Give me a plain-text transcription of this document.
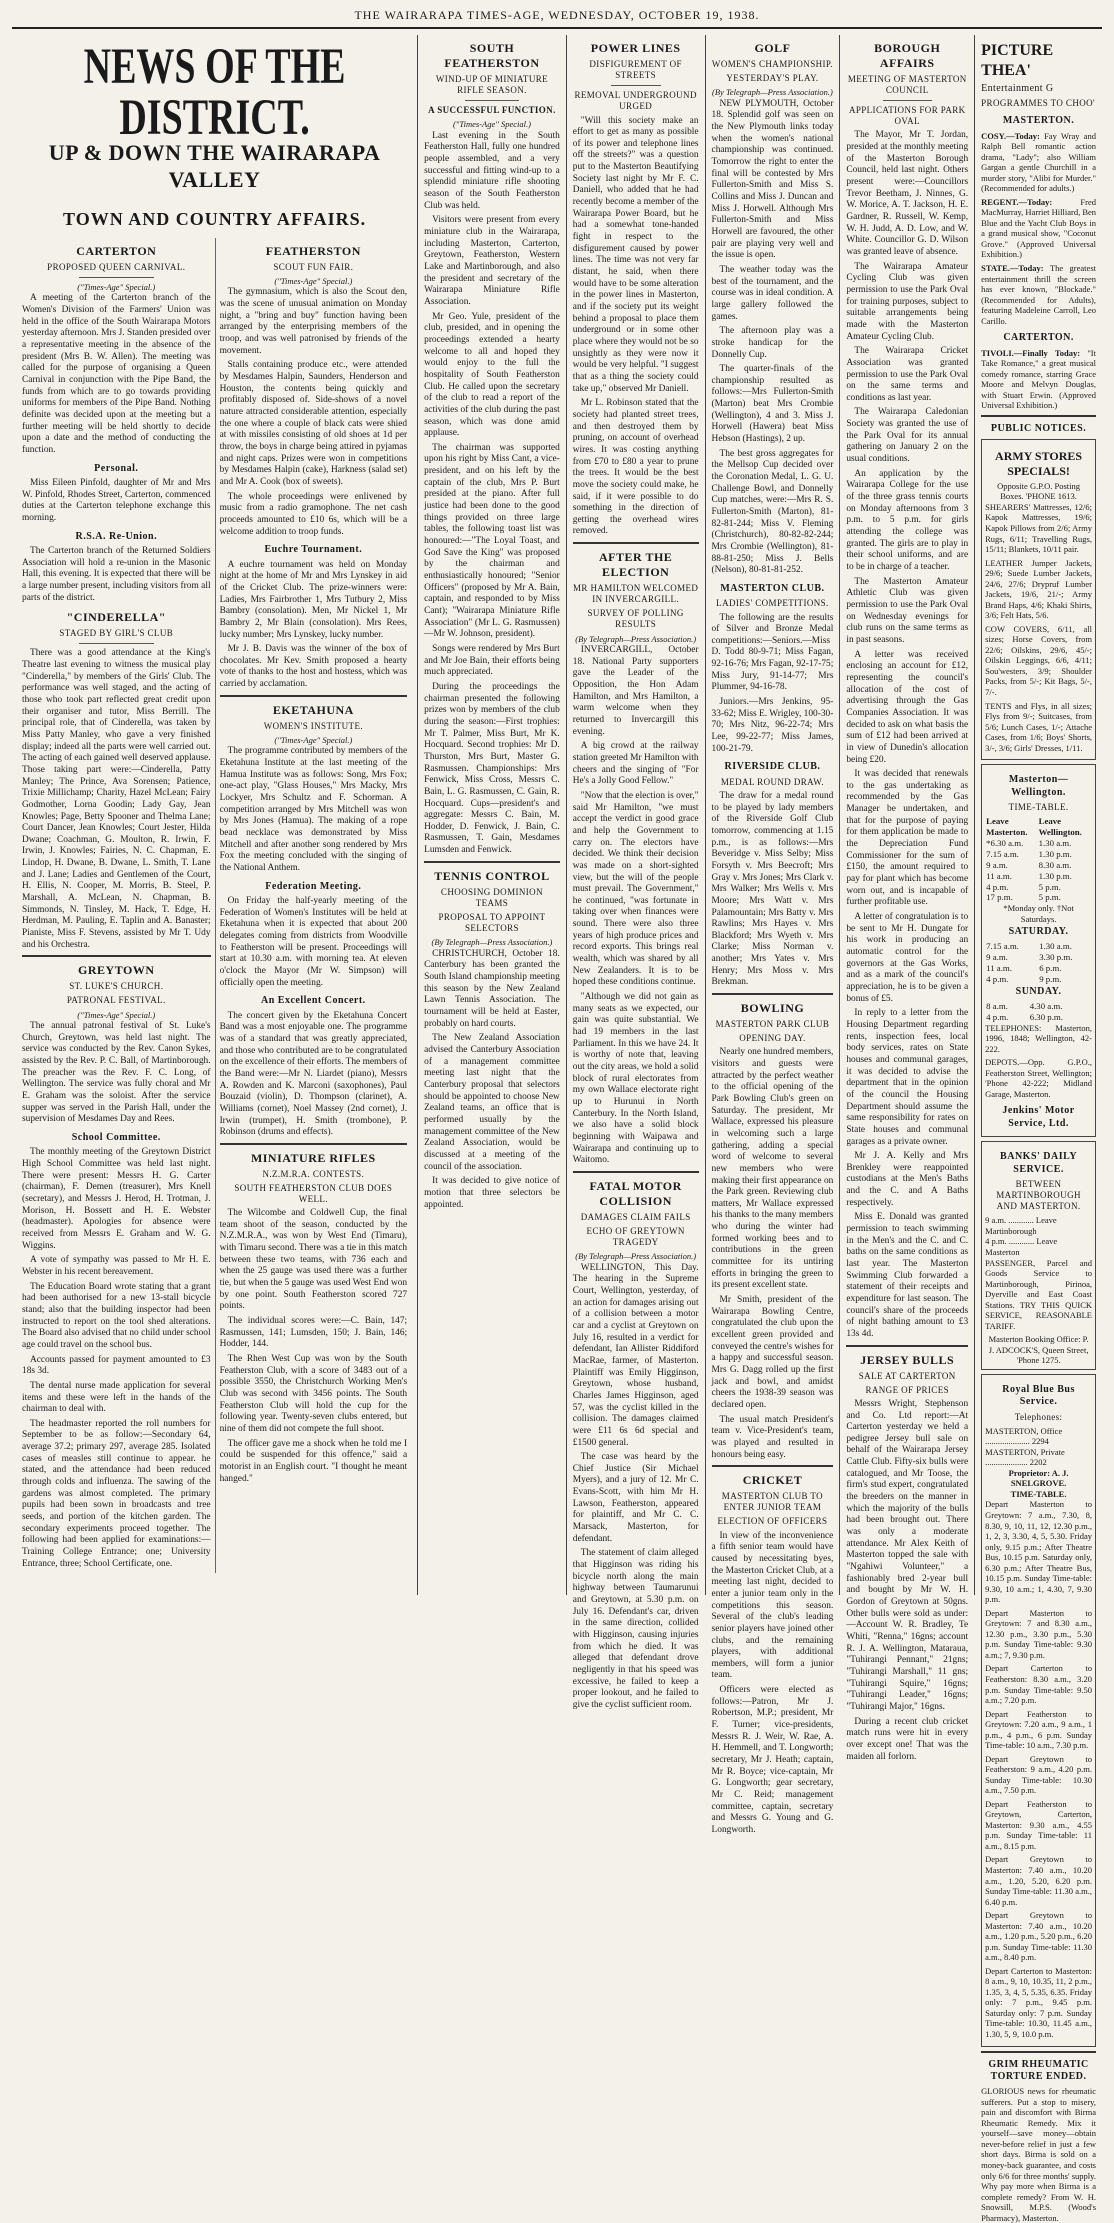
THE WAIRARAPA TIMES-AGE, WEDNESDAY, OCTOBER 19, 1938.
NEWS OF THE DISTRICT.
UP & DOWN THE WAIRARAPA VALLEY
TOWN AND COUNTRY AFFAIRS.
CARTERTON
PROPOSED QUEEN CARNIVAL.
("Times-Age" Special.)

A meeting of the Carterton branch of the Women's Division of the Farmers' Union was held in the office of the South Wairarapa Motors yesterday afternoon. Mrs J. Standen presided over a representative meeting in the absence of the president (Mrs B. W. Allen). The meeting was called for the purpose of organising a Queen Carnival in conjunction with the Pipe Band, the funds from which are to go towards providing uniforms for members of the Pipe Band. Nothing definite was decided upon at the meeting but a further meeting will be held shortly to decide upon a date and the method of conducting the function.

Personal.

Miss Eileen Pinfold, daughter of Mr and Mrs W. Pinfold, Rhodes Street, Carterton, commenced duties at the Carterton telephone exchange this morning.

R.S.A. Re-Union.

The Carterton branch of the Returned Soldiers Association will hold a re-union in the Masonic Hall, this evening. It is expected that there will be a large number present, including visitors from all parts of the district.

"CINDERELLA"
STAGED BY GIRL'S CLUB

There was a good attendance at the King's Theatre last evening to witness the musical play "Cinderella," by members of the Girls' Club. The performance was well staged, and the acting of those who took part reflected great credit upon their organiser and tutor, Miss Berrill. The principal role, that of Cinderella, was taken by Miss Patty Manley, who gave a very finished display; indeed all the parts were well carried out. The acting of each gained well deserved applause. Those taking part were:—Cinderella, Patty Manley; The Prince, Ava Sorensen; Patience, Trixie Millichamp; Charity, Hazel McLean; Fairy Godmother, Lorna Goodin; Lady Gay, Jean Knowles; Page, Betty Spooner and Thelma Lane; Court Dancer, Jean Knowles; Court Jester, Hilda Dwane; Coachman, G. Moulton, R. Irwin, F. Irwin, J. Knowles; Fairies, N. C. Chapman, E. Lindop, H. Dwane, B. Dwane, L. Smith, T. Lane and J. Lane; Ladies and Gentlemen of the Court, H. Ellis, N. Cooper, M. Morris, B. Steel, P. Marshall, A. McLean, N. Chapman, B. Simmonds, N. Tinsley, M. Hack, T. Edge, H. Herdman, M. Pauling, E. Taplin and A. Banaster; Pianiste, Miss F. Stevens, assisted by Mr T. Udy and his Orchestra.

GREYTOWN
ST. LUKE'S CHURCH.
PATRONAL FESTIVAL.
("Times-Age" Special.)

The annual patronal festival of St. Luke's Church, Greytown, was held last night. The service was conducted by the Rev. Canon Sykes, assisted by the Rev. P. C. Ball, of Martinborough. The preacher was the Rev. F. C. Long, of Wellington. The service was fully choral and Mr E. Graham was the soloist. After the service supper was served in the Parish Hall, under the supervision of Mesdames Day and Rees.

School Committee.

The monthly meeting of the Greytown District High School Committee was held last night. There were present: Messrs H. G. Carter (chairman), F. Demen (treasurer), Mrs Knell (secretary), and Messrs J. Herod, H. Trotman, J. Morison, H. Bossett and H. E. Webster (headmaster). Apologies for absence were received from Messrs E. Graham and W. G. Wiggins.

A vote of sympathy was passed to Mr H. E. Webster in his recent bereavement.

The Education Board wrote stating that a grant had been authorised for a new 13-stall bicycle stand; also that the building inspector had been instructed to report on the tool shed alterations. The Board also advised that no child under school age could travel on the school bus.

Accounts passed for payment amounted to £3 18s 3d.

The dental nurse made application for several items and these were left in the hands of the chairman to deal with.

The headmaster reported the roll numbers for September to be as follow:—Secondary 64, average 37.2; primary 297, average 285. Isolated cases of measles still continue to appear. he stated, and the attendance had been reduced through colds and influenza. The sawing of the gardens was almost completed. The primary pupils had been sown in broadcasts and tree seeds, and portion of the kitchen garden. The secondary experiments proceed together. The following had been applied for examinations:—Training College Entrance; one; University Entrance, three; School Certificate, one.

FEATHERSTON
SCOUT FUN FAIR.
("Times-Age" Special.)

The gymnasium, which is also the Scout den, was the scene of unusual animation on Monday night, a "bring and buy" function having been arranged by the enterprising members of the troop, and was well patronised by friends of the movement.

Stalls containing produce etc., were attended by Mesdames Halpin, Saunders, Henderson and Houston, the contents being quickly and profitably disposed of. Side-shows of a novel nature attracted considerable attention, especially the one where a couple of black cats were shied at with missiles consisting of old shoes at 1d per throw, the boys in charge being attired in pyjamas and night caps. Prizes were won in competitions by Mesdames Halpin (cake), Harkness (salad set) and Mr A. Cook (box of sweets).

The whole proceedings were enlivened by music from a radio gramophone. The net cash proceeds amounted to £10 6s, which will be a welcome addition to troop funds.

Euchre Tournament.

A euchre tournament was held on Monday night at the home of Mr and Mrs Lynskey in aid of the Cricket Club. The prize-winners were: Ladies, Mrs Fairbrother 1, Mrs Tutbury 2, Miss Bambry (consolation). Men, Mr Nickel 1, Mr Bambry 2, Mr Blain (consolation). Mrs Rees, lucky number; Mrs Lynskey, lucky number.

Mr J. B. Davis was the winner of the box of chocolates. Mr Kev. Smith proposed a hearty vote of thanks to the host and hostess, which was carried by acclamation.

EKETAHUNA
WOMEN'S INSTITUTE.
("Times-Age" Special.)

The programme contributed by members of the Eketahuna Institute at the last meeting of the Hamua Institute was as follows: Song, Mrs Fox; one-act play, "Glass Houses," Mrs Macky, Mrs Lockyer, Mrs Schultz and F. Schorman. A competition arranged by Mrs Mitchell was won by Mrs Jones (Hamua). The making of a rope bead necklace was demonstrated by Miss Mitchell and after another song rendered by Mrs Fox the meeting concluded with the singing of the National Anthem.

Federation Meeting.

On Friday the half-yearly meeting of the Federation of Women's Institutes will be held at Eketahuna when it is expected that about 200 delegates coming from districts from Woodville to Featherston will be present. Proceedings will start at 10.30 a.m. with morning tea. At eleven o'clock the Mayor (Mr W. Simpson) will officially open the meeting.

An Excellent Concert.

The concert given by the Eketahuna Concert Band was a most enjoyable one. The programme was of a standard that was greatly appreciated, and those who contributed are to be congratulated on the excellence of their efforts. The members of the Band were:—Mr N. Liardet (piano), Messrs A. Rowden and K. Marconi (saxophones), Paul Bouzaid (violin), D. Thompson (clarinet), A. Williams (cornet), Noel Massey (2nd cornet), J. Irwin (trumpet), H. Smith (trombone), P. Robinson (drums and effects).

MINIATURE RIFLES
N.Z.M.R.A. CONTESTS.
SOUTH FEATHERSTON CLUB DOES WELL.

The Wilcombe and Coldwell Cup, the final team shoot of the season, conducted by the N.Z.M.R.A., was won by West End (Timaru), with Timaru second. There was a tie in this match between these two teams, with 736 each and when the 25 gauge was used there was a further tie, but when the 5 gauge was used West End won by one point. South Featherston scored 727 points.

The individual scores were:—C. Bain, 147; Rasmussen, 141; Lumsden, 150; J. Bain, 146; Hodder, 144.

The Rhen West Cup was won by the South Featherston Club, with a score of 3483 out of a possible 3550, the Christchurch Working Men's Club was second with 3456 points. The South Featherston Club will hold the cup for the following year. Twenty-seven clubs entered, but nine of them did not compete the full shoot.

The officer gave me a shock when he told me I could be suspended for this offence," said a motorist in an English court. "I thought he meant hanged."

SOUTH FEATHERSTON
WIND-UP OF MINIATURE RIFLE SEASON.
A SUCCESSFUL FUNCTION.
("Times-Age" Special.)

Last evening in the South Featherston Hall, fully one hundred people assembled, and a very successful and fitting wind-up to a splendid miniature rifle shooting season of the South Featherston Club was held.

Visitors were present from every miniature club in the Wairarapa, including Masterton, Carterton, Greytown, Featherston, Western Lake and Martinborough, and also the president and secretary of the Wairarapa Miniature Rifle Association.

Mr Geo. Yule, president of the club, presided, and in opening the proceedings extended a hearty welcome to all and hoped they would enjoy to the full the hospitality of South Featherston Club. He called upon the secretary of the club to read a report of the activities of the club during the past season, which was done amid applause.

The chairman was supported upon his right by Miss Cant, a vice-president, and on his left by the captain of the club, Mrs P. Burt presided at the piano. After full justice had been done to the good things provided on three large tables, the following toast list was honoured:—"The Loyal Toast, and God Save the King" was proposed by the chairman and enthusiastically honoured; "Senior Officers" (proposed by Mr A. Bain, captain, and responded to by Miss Cant); "Wairarapa Miniature Rifle Association" (Mr L. G. Rasmussen) —Mr W. Johnson, president).

Songs were rendered by Mrs Burt and Mr Joe Bain, their efforts being much appreciated.

During the proceedings the chairman presented the following prizes won by members of the club during the season:—First trophies: Mr T. Palmer, Miss Burt, Mr K. Hocquard. Second trophies: Mr D. Thurston, Mrs Burt, Master G. Rasmussen. Championships: Mrs Fenwick, Miss Cross, Messrs C. Bain, L. G. Rasmussen, C. Gain, R. Hocquard. Cups—president's and aggregate: Messrs C. Bain, M. Hodder, D. Fenwick, J. Bain, C. Rasmussen, T. Gain, Mesdames Lumsden and Fenwick.

TENNIS CONTROL
CHOOSING DOMINION TEAMS
PROPOSAL TO APPOINT SELECTORS
(By Telegraph—Press Association.)

CHRISTCHURCH, October 18. Canterbury has been granted the South Island championship meeting this season by the New Zealand Lawn Tennis Association. The tournament will be held at Easter, probably on hard courts.

The New Zealand Association advised the Canterbury Association of a management committee meeting last night that the Canterbury proposal that selectors should be appointed to choose New Zealand teams, an office that is performed usually by the management committee of the New Zealand Association, would be discussed at a meeting of the council of the association.

It was decided to give notice of motion that three selectors be appointed.

POWER LINES
DISFIGUREMENT OF STREETS
REMOVAL UNDERGROUND URGED

"Will this society make an effort to get as many as possible of its power and telephone lines off the streets?" was a question put to the Masterton Beautifying Society last night by Mr F. C. Daniell, who added that he had recently become a member of the Wairarapa Power Board, but he had a somewhat tone-handed fight in respect to the disfigurement caused by power lines. The time was not very far distant, he said, when there would have to be some alteration in the power lines in Masterton, and if the society put its weight behind a proposal to place them underground or in some other place where they would not be so unsightly as they were now it would be very helpful. "I suggest that as a thing the society could take up," observed Mr Daniell.

Mr L. Robinson stated that the society had planted street trees, and then destroyed them by pruning, on account of overhead wires. It was costing anything from £70 to £80 a year to prune the trees. It would be the best move the society could make, he said, if it were possible to do something in the direction of getting the overhead wires removed.

AFTER THE ELECTION
MR HAMILTON WELCOMED IN INVERCARGILL.
SURVEY OF POLLING RESULTS
(By Telegraph—Press Association.)

INVERCARGILL, October 18. National Party supporters gave the Leader of the Opposition, the Hon Adam Hamilton, and Mrs Hamilton, a warm welcome when they returned to Invercargill this evening.

A big crowd at the railway station greeted Mr Hamilton with cheers and the singing of "For He's a Jolly Good Fellow."

"Now that the election is over," said Mr Hamilton, "we must accept the verdict in good grace and help the Government to carry on. The electors have decided. We think their decision was made on a short-sighted view, but the will of the people must prevail. The Government," he continued, "was fortunate in taking over when finances were sound. There were also three years of high produce prices and record exports. This brings real wealth, which was shared by all New Zealanders. It is to be hoped these conditions continue.

"Although we did not gain as many seats as we expected, our gain was quite substantial. We had 19 members in the last Parliament. In this we have 24. It is worthy of note that, leaving out the city areas, we hold a solid block of rural electorates from my own Wallace electorate right up to Hurunui in North Canterbury. In the North Island, we also have a solid block beginning with Waipawa and Wairarapa and continuing up to Waitomo.

FATAL MOTOR COLLISION
DAMAGES CLAIM FAILS
ECHO OF GREYTOWN TRAGEDY
(By Telegraph—Press Association.)

WELLINGTON, This Day. The hearing in the Supreme Court, Wellington, yesterday, of an action for damages arising out of a collision between a motor car and a cyclist at Greytown on July 16, resulted in a verdict for defendant, Ian Allister Riddiford MacRae, farmer, of Masterton. Plaintiff was Emily Higginson, Greytown, whose husband, Charles James Higginson, aged 57, was the cyclist killed in the collision. The damages claimed were £11 6s 6d special and £1500 general.

The case was heard by the Chief Justice (Sir Michael Myers), and a jury of 12. Mr C. Evans-Scott, with him Mr H. Lawson, Featherston, appeared for plaintiff, and Mr C. C. Marsack, Masterton, for defendant.

The statement of claim alleged that Higginson was riding his bicycle north along the main highway between Taumarunui and Greytown, at 5.30 p.m. on July 16. Defendant's car, driven in the same direction, collided with Higginson, causing injuries from which he died. It was alleged that defendant drove negligently in that his speed was excessive, he failed to keep a proper lookout, and he failed to give the cyclist sufficient room.

GOLF
WOMEN'S CHAMPIONSHIP.
YESTERDAY'S PLAY.
(By Telegraph—Press Association.)

NEW PLYMOUTH, October 18. Splendid golf was seen on the New Plymouth links today when the women's national championship was continued. Tomorrow the right to enter the final will be contested by Mrs Fullerton-Smith and Miss S. Collins and Miss J. Duncan and Miss J. Horwell. Although Mrs Fullerton-Smith and Miss Horwell are favoured, the other pair are playing very well and the issue is open.

The weather today was the best of the tournament, and the course was in ideal condition. A large gallery followed the games.

The afternoon play was a stroke handicap for the Donnelly Cup.

The quarter-finals of the championship resulted as follows:—Mrs Fullerton-Smith (Marton) beat Mrs Crombie (Wellington), 4 and 3. Miss J. Horwell (Hawera) beat Miss Hebson (Hastings), 2 up.

The best gross aggregates for the Mellsop Cup decided over the Coronation Medal, L. G. U. Challenge Bowl, and Donnelly Cup matches, were:—Mrs R. S. Fullerton-Smith (Marton), 81-82-81-244; Miss V. Fleming (Christchurch), 80-82-82-244; Mrs Crombie (Wellington), 81-88-81-250; Miss J. Bells (Nelson), 80-81-81-252.

MASTERTON CLUB.
LADIES' COMPETITIONS.

The following are the results of Silver and Bronze Medal competitions:—Seniors.—Miss D. Todd 80-9-71; Miss Fagan, 92-16-76; Mrs Fagan, 92-17-75; Miss Jury, 91-14-77; Mrs Plummer, 94-16-78.

Juniors.—Mrs Jenkins, 95-33-62; Miss E. Wrigley, 100-30-70; Mrs Nitz, 96-22-74; Mrs Lee, 99-22-77; Miss James, 100-21-79.

RIVERSIDE CLUB.
MEDAL ROUND DRAW.

The draw for a medal round to be played by lady members of the Riverside Golf Club tomorrow, commencing at 1.15 p.m., is as follows:—Mrs Beveridge v. Miss Selby; Miss Forsyth v. Mrs Beecroft; Mrs Gray v. Mrs Jones; Mrs Clark v. Mrs Walker; Mrs Wells v. Mrs Moore; Mrs Watt v. Mrs Palamountain; Mrs Batty v. Mrs Rawlins; Mrs Hayes v. Mrs Blackford; Mrs Wyeth v. Mrs Clarke; Miss Norman v. another; Mrs Yates v. Mrs Henry; Mrs Moss v. Mrs Brekman.

BOWLING
MASTERTON PARK CLUB
OPENING DAY.

Nearly one hundred members, visitors and guests were attracted by the perfect weather to the official opening of the Park Bowling Club's green on Saturday. The president, Mr Wallace, expressed his pleasure in welcoming such a large gathering, adding a special word of welcome to several new members who were making their first appearance on the Park green. Reviewing club matters, Mr Wallace expressed his thanks to the many members who during the winter had formed working bees and to contributions in the green committee for its untiring efforts in bringing the green to its present excellent state.

Mr Smith, president of the Wairarapa Bowling Centre, congratulated the club upon the excellent green provided and conveyed the centre's wishes for a happy and successful season. Mrs G. Dagg rolled up the first jack and bowl, and amidst cheers the 1938-39 season was declared open.

The usual match President's team v. Vice-President's team, was played and resulted in honours being easy.

CRICKET
MASTERTON CLUB TO ENTER JUNIOR TEAM
ELECTION OF OFFICERS

In view of the inconvenience a fifth senior team would have caused by necessitating byes, the Masterton Cricket Club, at a meeting last night, decided to enter a junior team only in the competitions this season. Several of the club's leading senior players have joined other clubs, and the remaining players, with additional members, will form a junior team.

Officers were elected as follows:—Patron, Mr J. Robertson, M.P.; president, Mr F. Turner; vice-presidents, Messrs R. J. Weir, W. Rae, A. H. Hemmell, and T. Longworth; secretary, Mr J. Heath; captain, Mr R. Boyce; vice-captain, Mr G. Longworth; gear secretary, Mr C. Reid; management committee, captain, secretary and Messrs G. Young and G. Longworth.

BOROUGH AFFAIRS
MEETING OF MASTERTON COUNCIL
APPLICATIONS FOR PARK OVAL

The Mayor, Mr T. Jordan, presided at the monthly meeting of the Masterton Borough Council, held last night. Others present were:—Councillors Trevor Beetham, J. Ninnes, G. W. Morice, A. T. Jackson, H. E. Gardner, R. Russell, W. Kemp, W. H. Judd, A. D. Low, and W. White. Councillor G. D. Wilson was granted leave of absence.

The Wairarapa Amateur Cycling Club was given permission to use the Park Oval for training purposes, subject to suitable arrangements being made with the Masterton Amateur Cycling Club.

The Wairarapa Cricket Association was granted permission to use the Park Oval on the same terms and conditions as last year.

The Wairarapa Caledonian Society was granted the use of the Park Oval for its annual gathering on January 2 on the usual conditions.

An application by the Wairarapa College for the use of the three grass tennis courts on Monday afternoons from 3 p.m. to 5 p.m. for girls attending the college was granted. The girls are to play in their school uniforms, and are to be in charge of a teacher.

The Masterton Amateur Athletic Club was given permission to use the Park Oval on Wednesday evenings for club runs on the same terms as in past seasons.

A letter was received enclosing an account for £12, representing the council's allocation of the cost of advertising through the Gas Companies Association. It was decided to ask on what basis the sum of £12 had been arrived at in view of Dunedin's allocation being £20.

It was decided that renewals to the gas undertaking as recommended by the Gas Manager be undertaken, and that for the purpose of paying for them application be made to the Depreciation Fund Commissioner for the sum of £150, the amount required to pay for plant which has become worn out, and is incapable of further profitable use.

A letter of congratulation is to be sent to Mr H. Dungate for his work in producing an automatic control for the governors at the Gas Works, and as a mark of the council's appreciation, he is to be given a bonus of £5.

In reply to a letter from the Housing Department regarding rents, inspection fees, local body services, rates on State houses and communal garages, it was decided to advise the department that in the opinion of the council the Housing Department should assume the same responsibility for rates on State houses and communal garages as a private owner.

Mr J. A. Kelly and Mrs Brenkley were reappointed custodians at the Men's Baths and the C. and A Baths respectively.

Miss E. Donald was granted permission to teach swimming in the Men's and the C. and C. baths on the same conditions as last year. The Masterton Swimming Club forwarded a statement of their receipts and expenditure for last season. The council's share of the proceeds of night bathing amount to £3 13s 4d.

JERSEY BULLS
SALE AT CARTERTON
RANGE OF PRICES

Messrs Wright, Stephenson and Co. Ltd report:—At Carterton yesterday we held a pedigree Jersey bull sale on behalf of the Wairarapa Jersey Cattle Club. Fifty-six bulls were catalogued, and Mr Toose, the firm's stud expert, congratulated the breeders on the manner in which the majority of the bulls had been brought out. There was only a moderate attendance. Mr Alex Keith of Masterton topped the sale with "Ngahiwi Volunteer," a fashionably bred 2-year bull and bought by Mr W. H. Gordon of Greytown at 50gns. Other bulls were sold as under:—Account W. R. Bradley, Te Whiti, "Renna," 16gns; account R. J. A. Wellington, Mataraua, "Tuhirangi Pennant," 21gns; "Tuhirangi Marshall," 11 gns; "Tuhirangi Squire," 16gns; "Tuhirangi Leader," 16gns; "Tuhirangi Major," 16gns.

During a recent club cricket match runs were hit in every over except one! That was the maiden all forlorn.

PICTURE THEA'
Entertainment G
PROGRAMMES TO CHOO'
MASTERTON.

COSY.—Today: Fay Wray and Ralph Bell romantic action drama, "Lady"; also William Gargan a gentle Churchill in a murder story, "Alibi for Murder." (Recommended for adults.)

REGENT.—Today:	Fred MacMurray, Harriet Hilliard, Ben Blue and the Yacht Club Boys in a grand musical show, "Coconut Grove." (Approved Universal Exhibition.)

STATE.—Today: The greatest entertainment thrill the screen has ever known, "Blockade." (Recommended for Adults), featuring Madeleine Carroll, Leo Carillo.

CARTERTON.

TIVOLI.—Finally Today: "It Take Romance," a great musical comedy romance, starring Grace Moore and Melvyn Douglas, with Stuart Erwin. (Approved Universal Exhibition.)

PUBLIC NOTICES.
ARMY STORES SPECIALS!
Opposite G.P.O. Posting Boxes. 'PHONE 1613.

SHEARERS' Mattresses, 12/6; Kapok Mattresses, 19/6; Kapok Pillows from 2/6; Army Rugs, 6/11; Travelling Rugs, 15/11; Blankets, 10/11 pair.

LEATHER Jumper Jackets, 29/6; Suede Lumber Jackets, 24/6, 27/6; Drypruf Lumber Jackets, 19/6, 21/-; Army Brand Haps, 4/6; Khaki Shirts, 3/6; Felt Hats, 5/6.

COW COVERS, 6/11, all sizes; Horse Covers, from 22/6; Oilskins, 29/6, 45/-; Oilskin Leggings, 6/6, 4/11; Sou'westers, 3/9; Shoulder Packs, from 5/-; Kit Bags, 5/-, 7/-.

TENTS and Flys, in all sizes; Flys from 9/-; Suitcases, from 5/6; Lunch Cases, 1/-; Attache Cases, from 1/6; Boys' Shorts, 3/-, 3/6; Girls' Dresses, 1/11.

Masterton—Wellington.
TIME-TABLE.
Leave Masterton.	Leave Wellington.
*6.30 a.m.	1.30 a.m.
7.15 a.m.	1.30 p.m.
9 a.m.	8.30 a.m.
11 a.m.	1.30 p.m.
4 p.m.	5 p.m.
17 p.m.	5 p.m.
*Monday only. †Not Saturdays.
SATURDAY.
7.15 a.m.	1.30 a.m.
9 a.m.	3.30 p.m.
11 a.m.	6 p.m.
4 p.m.	9 p.m.
SUNDAY.
8 a.m.	4.30 a.m.
4 p.m.	6.30 p.m.

TELEPHONES: Masterton, 1996, 1848; Wellington, 42-222.

DEPOTS.—Opp. G.P.O., Featherston Street, Wellington; 'Phone 42-222; Midland Garage, Masterton.

Jenkins' Motor Service, Ltd.
BANKS' DAILY SERVICE.
BETWEEN MARTINBOROUGH AND MASTERTON.
9 a.m. ............ Leave Martinborough
4 p.m. ............ Leave Masterton

PASSENGER, Parcel and Goods Service to Martinborough, Pirinoa, Dyerville and East Coast Stations. TRY THIS QUICK SERVICE, REASONABLE TARIFF.

Masterton Booking Office: P. J. ADCOCK'S, Queen Street, 'Phone 1275.
Royal Blue Bus Service.
Telephones:
MASTERTON, Office ..................... 2294
MASTERTON, Private .................... 2202
Proprietor: A. J. SNELGROVE.
TIME-TABLE.

Depart Masterton to Greytown: 7 a.m., 7.30, 8, 8.30, 9, 10, 11, 12, 12.30 p.m., 1, 2, 3, 3.30, 4, 5, 5.30. Friday only, 9.15 p.m.; After Theatre Bus, 10.15 p.m. Saturday only, 6.30 p.m.; After Theatre Bus, 10.15 p.m. Sunday Time-table: 9.30, 10 a.m.; 1, 4.30, 7, 9.30 p.m.

Depart Masterton to Greytown: 7 and 8.30 a.m., 12.30 p.m., 3.30 p.m., 5.30 p.m. Sunday Time-table: 9.30 a.m.; 7, 9.30 p.m.

Depart Carterton to Featherston: 8.30 a.m., 3.20 p.m. Sunday Time-table: 9.50 a.m.; 7.20 p.m.

Depart Featherston to Greytown: 7.20 a.m., 9 a.m., 1 p.m., 4 p.m., 6 p.m. Sunday Time-table: 10 a.m., 7.30 p.m.

Depart Greytown to Featherston: 9 a.m., 4.20 p.m. Sunday Time-table: 10.30 a.m., 7.50 p.m.

Depart Featherston to Greytown, Carterton, Masterton: 9.30 a.m., 4.55 p.m. Sunday Time-table: 11 a.m., 8.15 p.m.

Depart Greytown to Masterton: 7.40 a.m., 10.20 a.m., 1.20, 5.20, 6.20 p.m. Sunday Time-table: 11.30 a.m., 6.40 p.m.

Depart Greytown to Masterton: 7.40 a.m., 10.20 a.m., 1.20 p.m., 5.20 p.m., 6.20 p.m. Sunday Time-table: 11.30 a.m., 8.40 p.m.

Depart Carterton to Masterton: 8 a.m., 9, 10, 10.35, 11, 2 p.m., 1.35, 3, 4, 5, 5.35, 6.35. Friday only: 7 p.m., 9.45 p.m. Saturday only: 7 p.m. Sunday Time-table: 10.30, 11.45 a.m., 1.30, 5, 9, 10.0 p.m.

GRIM RHEUMATIC TORTURE ENDED.

GLORIOUS news for rheumatic sufferers. Put a stop to misery, pain and discomfort with Birma Rheumatic Remedy. Mix it yourself—save money—obtain never-before relief in just a few short days. Birma is sold on a money-back guarantee, and costs only 6/6 for three months' supply. Why pay more when Birma is a complete remedy? From W. H. Snowsill, M.P.S. (Wood's Pharmacy), Masterton.
